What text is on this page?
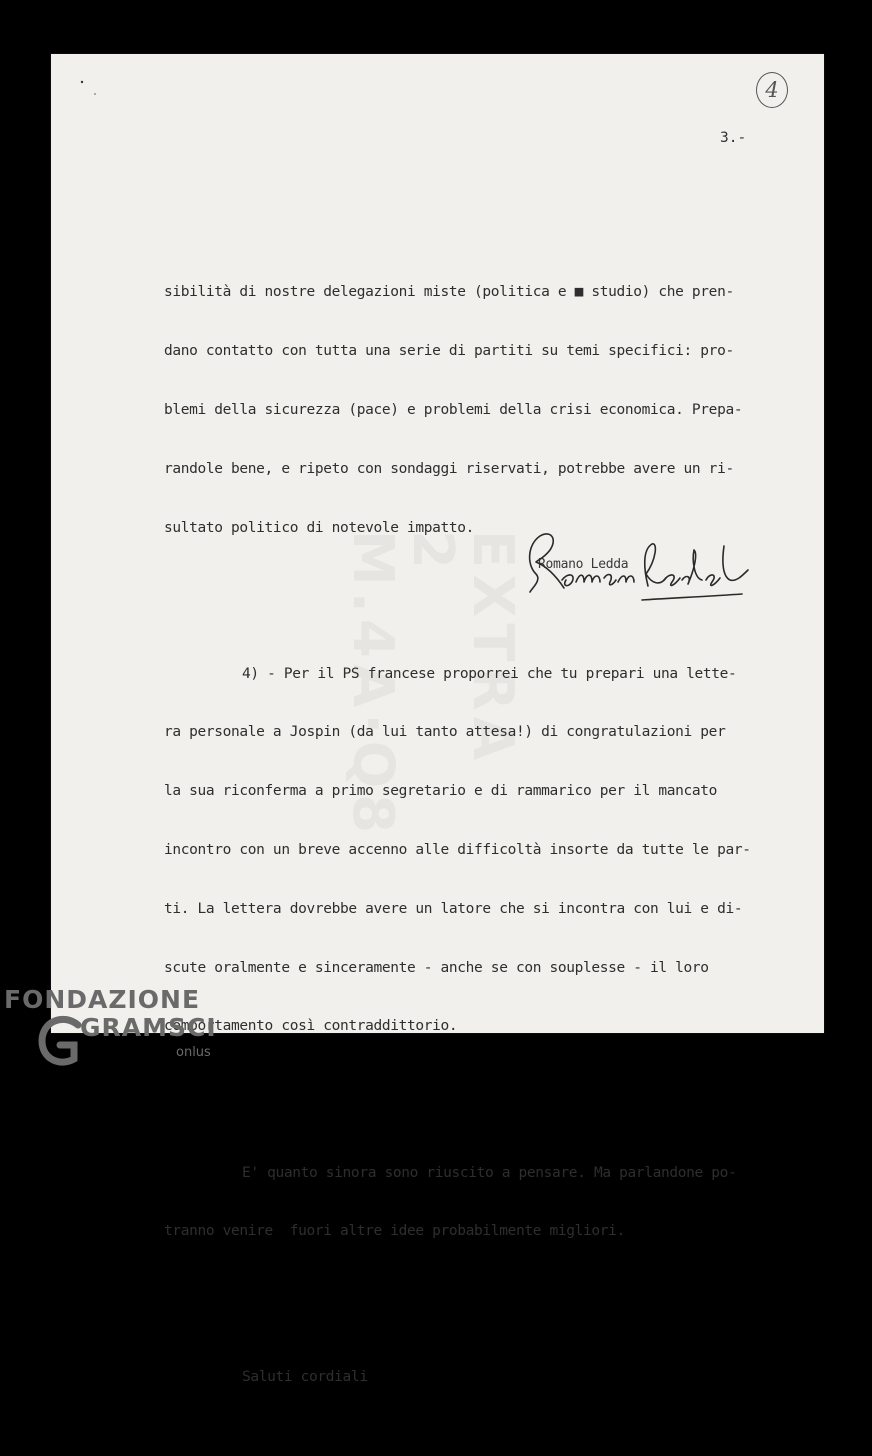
4
3.-

sibilità di nostre delegazioni miste (politica e ■ studio) che pren-

dano contatto con tutta una serie di partiti su temi specifici: pro-

blemi della sicurezza (pace) e problemi della crisi economica. Prepa-

randole bene, e ripeto con sondaggi riservati, potrebbe avere un ri-

sultato politico di notevole impatto.

4) - Per il PS francese proporrei che tu prepari una lette-

ra personale a Jospin (da lui tanto attesa!) di congratulazioni per

la sua riconferma a primo segretario e di rammarico per il mancato

incontro con un breve accenno alle difficoltà insorte da tutte le par-

ti. La lettera dovrebbe avere un latore che si incontra con lui e di-

scute oralmente e sinceramente - anche se con souplesse - il loro

comportamento così contraddittorio.

E' quanto sinora sono riuscito a pensare. Ma parlandone po-

tranno venire  fuori altre idee probabilmente migliori.

Saluti cordiali

Romano Ledda
FONDAZIONE
GRAMSCI
onlus
